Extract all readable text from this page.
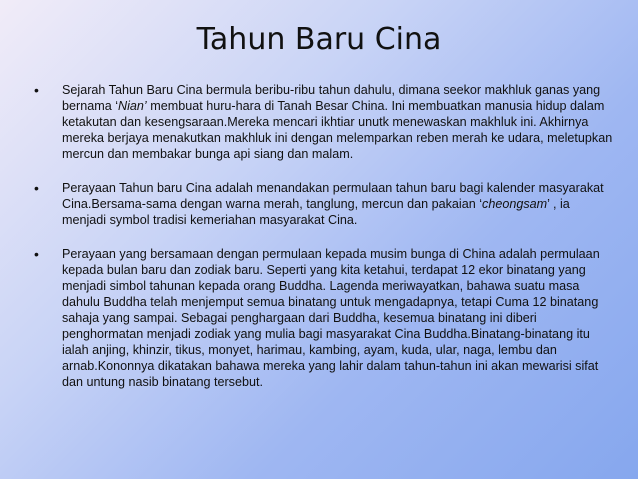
Tahun Baru Cina
• Sejarah Tahun Baru Cina bermula beribu-ribu tahun dahulu, dimana seekor makhluk ganas yang bernama ‘Nian’ membuat huru-hara di Tanah Besar China. Ini membuatkan manusia hidup dalam ketakutan dan kesengsaraan.Mereka mencari ikhtiar unutk menewaskan makhluk ini. Akhirnya mereka berjaya menakutkan makhluk ini dengan melemparkan reben merah ke udara, meletupkan mercun dan membakar bunga api siang dan malam.
• Perayaan Tahun baru Cina adalah menandakan permulaan tahun baru bagi kalender masyarakat Cina.Bersama-sama dengan warna merah, tanglung, mercun dan pakaian ‘cheongsam’ , ia menjadi symbol tradisi kemeriahan masyarakat Cina.
• Perayaan yang bersamaan dengan permulaan kepada musim bunga di China adalah permulaan kepada bulan baru dan zodiak baru. Seperti yang kita ketahui, terdapat 12 ekor binatang yang menjadi simbol tahunan kepada orang Buddha. Lagenda meriwayatkan, bahawa suatu masa dahulu Buddha telah menjemput semua binatang untuk mengadapnya, tetapi Cuma 12 binatang sahaja yang sampai. Sebagai penghargaan dari Buddha, kesemua binatang ini diberi penghormatan menjadi zodiak yang mulia bagi masyarakat Cina Buddha.Binatang-binatang itu ialah anjing, khinzir, tikus, monyet, harimau, kambing, ayam, kuda, ular, naga, lembu dan arnab.Kononnya dikatakan bahawa mereka yang lahir dalam tahun-tahun ini akan mewarisi sifat dan untung nasib binatang tersebut.
